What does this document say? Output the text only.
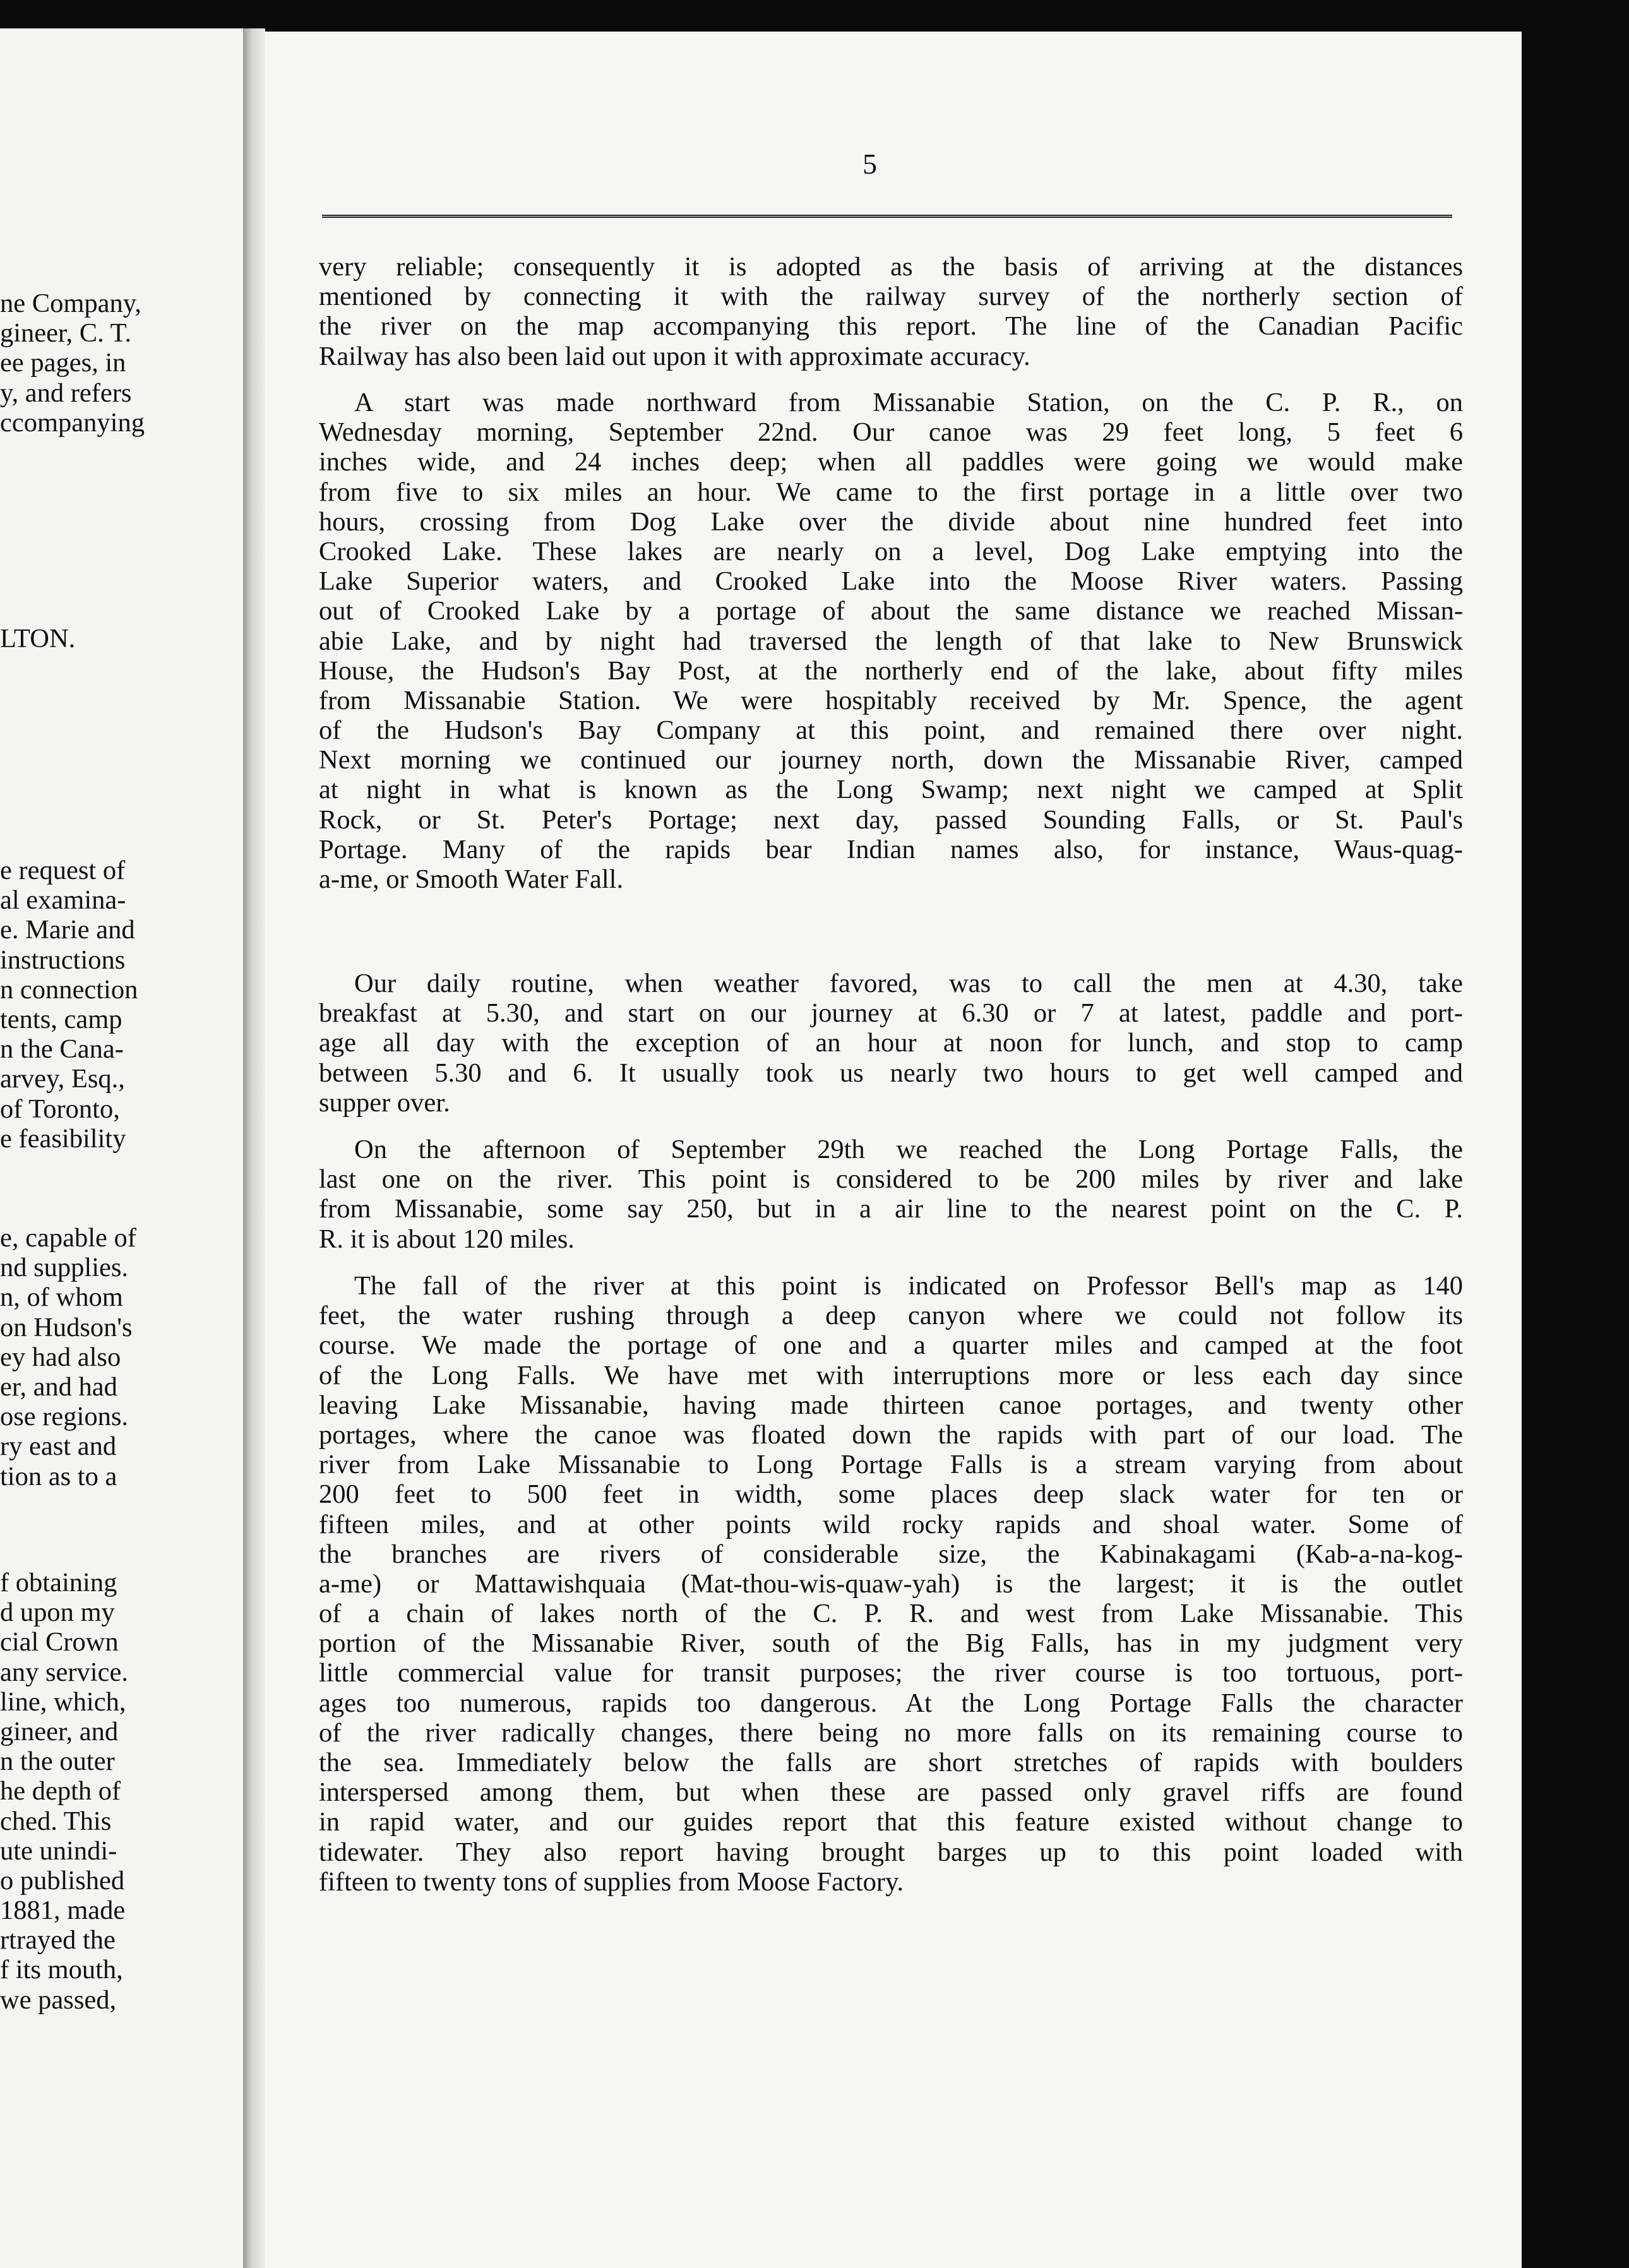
ne Company,
gineer, C. T.
ee pages, in
y, and refers
ccompanying
LTON.
e request of
al examina-
e. Marie and
instructions
n connection
tents, camp
n the Cana-
arvey, Esq.,
of Toronto,
e feasibility
e, capable of
nd supplies.
n, of whom
on Hudson's
ey had also
er, and had
ose regions.
ry east and
tion as to a
f obtaining
d upon my
cial Crown
any service.
line, which,
gineer, and
n the outer
he depth of
ched. This
ute unindi-
o published
1881, made
rtrayed the
f its mouth,
we passed,
5
very reliable; consequently it is adopted as the basis of arriving at the distances
mentioned by connecting it with the railway survey of the northerly section of
the river on the map accompanying this report. The line of the Canadian Pacific
Railway has also been laid out upon it with approximate accuracy.
A start was made northward from Missanabie Station, on the C. P. R., on
Wednesday morning, September 22nd. Our canoe was 29 feet long, 5 feet 6
inches wide, and 24 inches deep; when all paddles were going we would make
from five to six miles an hour. We came to the first portage in a little over two
hours, crossing from Dog Lake over the divide about nine hundred feet into
Crooked Lake. These lakes are nearly on a level, Dog Lake emptying into the
Lake Superior waters, and Crooked Lake into the Moose River waters. Passing
out of Crooked Lake by a portage of about the same distance we reached Missan-
abie Lake, and by night had traversed the length of that lake to New Brunswick
House, the Hudson's Bay Post, at the northerly end of the lake, about fifty miles
from Missanabie Station. We were hospitably received by Mr. Spence, the agent
of the Hudson's Bay Company at this point, and remained there over night.
Next morning we continued our journey north, down the Missanabie River, camped
at night in what is known as the Long Swamp; next night we camped at Split
Rock, or St. Peter's Portage; next day, passed Sounding Falls, or St. Paul's
Portage. Many of the rapids bear Indian names also, for instance, Waus-quag-
a-me, or Smooth Water Fall.
Our daily routine, when weather favored, was to call the men at 4.30, take
breakfast at 5.30, and start on our journey at 6.30 or 7 at latest, paddle and port-
age all day with the exception of an hour at noon for lunch, and stop to camp
between 5.30 and 6. It usually took us nearly two hours to get well camped and
supper over.
On the afternoon of September 29th we reached the Long Portage Falls, the
last one on the river. This point is considered to be 200 miles by river and lake
from Missanabie, some say 250, but in a air line to the nearest point on the C. P.
R. it is about 120 miles.
The fall of the river at this point is indicated on Professor Bell's map as 140
feet, the water rushing through a deep canyon where we could not follow its
course. We made the portage of one and a quarter miles and camped at the foot
of the Long Falls. We have met with interruptions more or less each day since
leaving Lake Missanabie, having made thirteen canoe portages, and twenty other
portages, where the canoe was floated down the rapids with part of our load. The
river from Lake Missanabie to Long Portage Falls is a stream varying from about
200 feet to 500 feet in width, some places deep slack water for ten or
fifteen miles, and at other points wild rocky rapids and shoal water. Some of
the branches are rivers of considerable size, the Kabinakagami (Kab-a-na-kog-
a-me) or Mattawishquaia (Mat-thou-wis-quaw-yah) is the largest; it is the outlet
of a chain of lakes north of the C. P. R. and west from Lake Missanabie. This
portion of the Missanabie River, south of the Big Falls, has in my judgment very
little commercial value for transit purposes; the river course is too tortuous, port-
ages too numerous, rapids too dangerous. At the Long Portage Falls the character
of the river radically changes, there being no more falls on its remaining course to
the sea. Immediately below the falls are short stretches of rapids with boulders
interspersed among them, but when these are passed only gravel riffs are found
in rapid water, and our guides report that this feature existed without change to
tidewater. They also report having brought barges up to this point loaded with
fifteen to twenty tons of supplies from Moose Factory.
